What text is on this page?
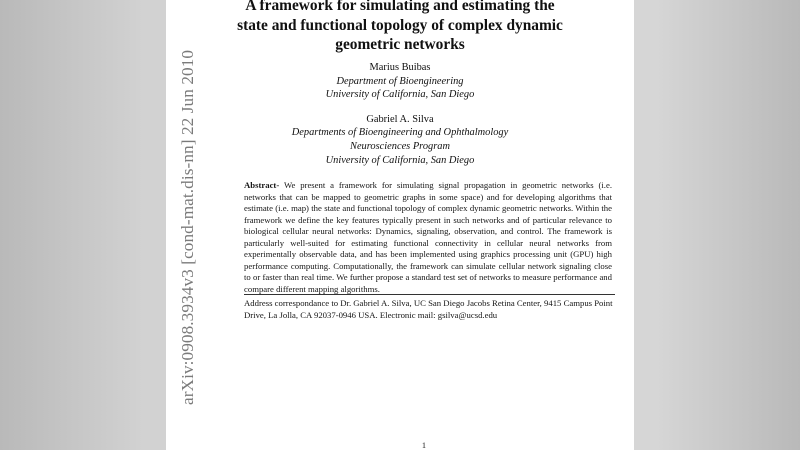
arXiv:0908.3934v3 [cond-mat.dis-nn] 22 Jun 2010
A framework for simulating and estimating the
state and functional topology of complex dynamic
geometric networks
Marius Buibas
Department of Bioengineering
University of California, San Diego
Gabriel A. Silva
Departments of Bioengineering and Ophthalmology
Neurosciences Program
University of California, San Diego
Abstract- We present a framework for simulating signal propagation in geometric networks (i.e. networks that can be mapped to geometric graphs in some space) and for developing algorithms that estimate (i.e. map) the state and functional topology of complex dynamic geometric networks. Within the framework we define the key features typically present in such networks and of particular relevance to biological cellular neural networks: Dynamics, signaling, observation, and control. The framework is particularly well-suited for estimating functional connectivity in cellular neural networks from experimentally observable data, and has been implemented using graphics processing unit (GPU) high performance computing. Computationally, the framework can simulate cellular network signaling close to or faster than real time. We further propose a standard test set of networks to measure performance and compare different mapping algorithms.
Address correspondance to Dr. Gabriel A. Silva, UC San Diego Jacobs Retina Center, 9415 Campus Point Drive, La Jolla, CA 92037-0946 USA. Electronic mail: gsilva@ucsd.edu
1
